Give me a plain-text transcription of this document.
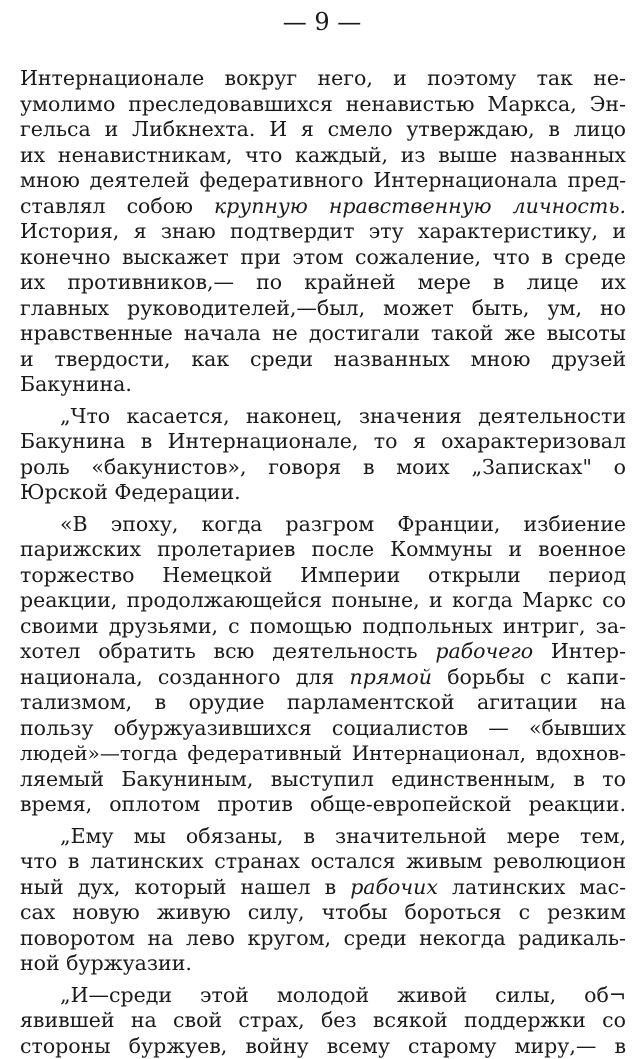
— 9 —
Интернационале вокруг него, и поэтому так не-
умолимо преследовавшихся ненавистью Маркса, Эн-
гельса и Либкнехта. И я смело утверждаю, в лицо
их ненавистникам, что каждый, из выше названных
мною деятелей федеративного Интернационала пред-
ставлял собою крупную нравственную личность.
История, я знаю подтвердит эту характеристику, и
конечно выскажет при этом сожаление, что в среде
их противников,— по крайней мере в лице их
главных руководителей,—был, может быть, ум, но
нравственные начала не достигали такой же высоты
и твердости, как среди названных мною друзей
Бакунина.
„Что касается, наконец, значения деятельности
Бакунина в Интернационале, то я охарактеризовал
роль «бакунистов», говоря в моих „Записках" о
Юрской Федерации.
«В эпоху, когда разгром Франции, избиение
парижских пролетариев после Коммуны и военное
торжество Немецкой Империи открыли период
реакции, продолжающейся поныне, и когда Маркс со
своими друзьями, с помощью подпольных интриг, за-
хотел обратить всю деятельность рабочего Интер-
национала, созданного для прямой борьбы с капи-
тализмом, в орудие парламентской агитации на
пользу обуржуазившихся социалистов — «бывших
людей»—тогда федеративный Интернационал, вдохнов-
ляемый Бакуниным, выступил единственным, в то
время, оплотом против обще-европейской реакции.
„Ему мы обязаны, в значительной мере тем,
что в латинских странах остался живым революцион
ный дух, который нашел в рабочих латинских мас-
сах новую живую силу, чтобы бороться с резким
поворотом на лево кругом, среди некогда радикаль-
ной буржуазии.
„И—среди этой молодой живой силы, об¬
явившей на свой страх, без всякой поддержки со
стороны буржуев, войну всему старому миру,— в
